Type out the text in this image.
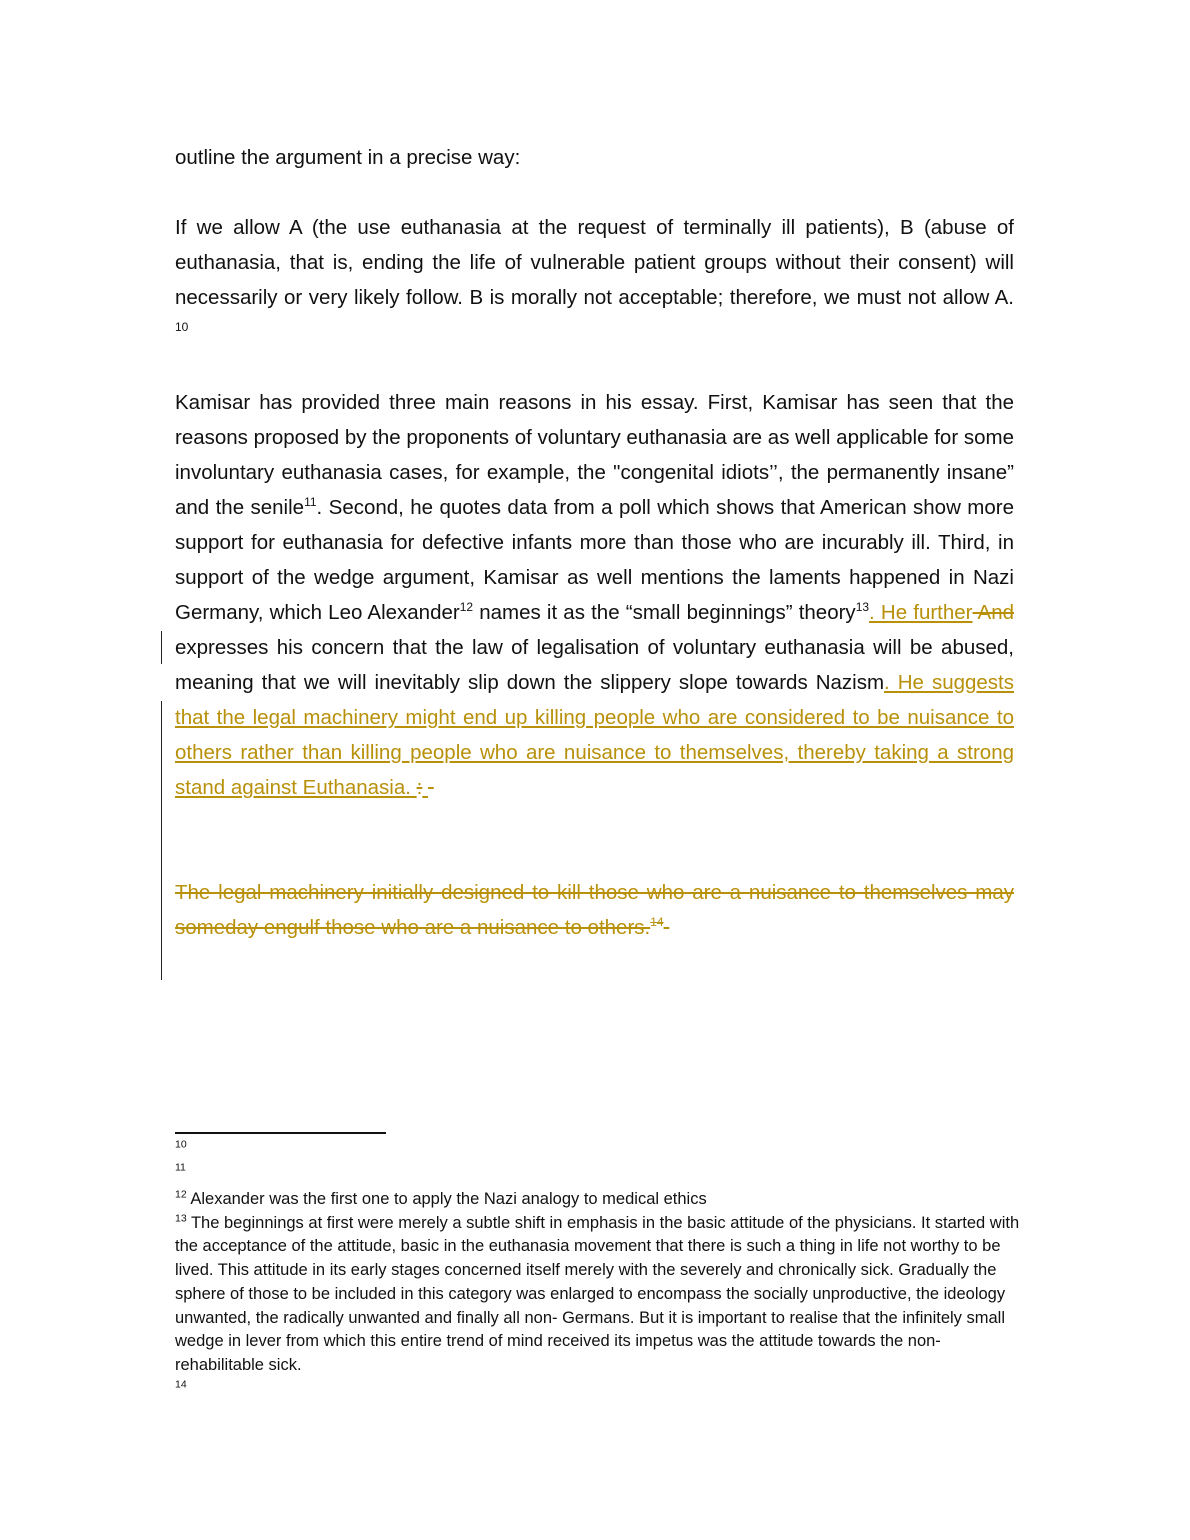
outline the argument in a precise way:

If we allow A (the use euthanasia at the request of terminally ill patients), B (abuse of euthanasia, that is, ending the life of vulnerable patient groups without their consent) will necessarily or very likely follow. B is morally not acceptable; therefore, we must not allow A. $^{10}$

Kamisar has provided three main reasons in his essay. First, Kamisar has seen that the reasons proposed by the proponents of voluntary euthanasia are as well applicable for some involuntary euthanasia cases, for example, the "congenital idiots’’, the permanently insane” and the senile$^{11}$. Second, he quotes data from a poll which shows that American show more support for euthanasia for defective infants more than those who are incurably ill. Third, in support of the wedge argument, Kamisar as well mentions the laments happened in Nazi Germany, which Leo Alexander$^{12}$ names it as the “small beginnings” theory$^{13}$. He further And expresses his concern that the law of legalisation of voluntary euthanasia will be abused, meaning that we will inevitably slip down the slippery slope towards Nazism. He suggests that the legal machinery might end up killing people who are considered to be nuisance to others rather than killing people who are nuisance to themselves, thereby taking a strong stand against Euthanasia. :

The legal machinery initially designed to kill those who are a nuisance to themselves may someday engulf those who are a nuisance to others.$^{14}$

$^{10}$

$^{11}$

$^{12}$ Alexander was the first one to apply the Nazi analogy to medical ethics

$^{13}$ The beginnings at first were merely a subtle shift in emphasis in the basic attitude of the physicians. It started with the acceptance of the attitude, basic in the euthanasia movement that there is such a thing in life not worthy to be lived. This attitude in its early stages concerned itself merely with the severely and chronically sick. Gradually the sphere of those to be included in this category was enlarged to encompass the socially unproductive, the ideology unwanted, the radically unwanted and finally all non- Germans. But it is important to realise that the infinitely small wedge in lever from which this entire trend of mind received its impetus was the attitude towards the non-rehabilitable sick.

$^{14}$
